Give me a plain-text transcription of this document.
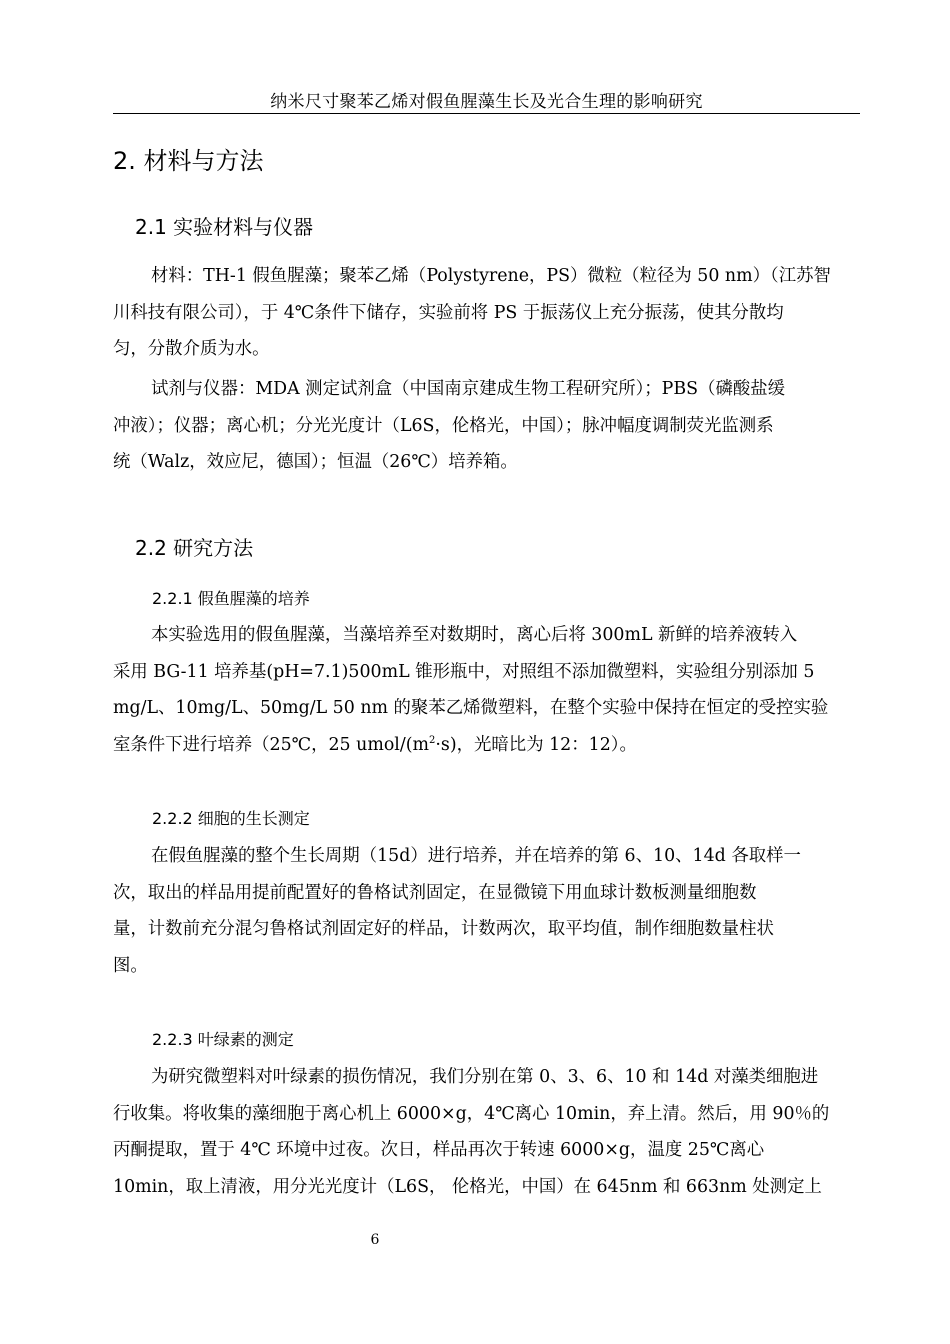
纳米尺寸聚苯乙烯对假鱼腥藻生长及光合生理的影响研究
2. 材料与方法
2.1 实验材料与仪器
材料：TH-1 假鱼腥藻；聚苯乙烯（Polystyrene，PS）微粒（粒径为 50 nm）（江苏智
川科技有限公司），于 4℃条件下储存，实验前将 PS 于振荡仪上充分振荡，使其分散均
匀，分散介质为水。
试剂与仪器：MDA 测定试剂盒（中国南京建成生物工程研究所）；PBS（磷酸盐缓
冲液）；仪器；离心机；分光光度计（L6S，伦格光，中国）；脉冲幅度调制荧光监测系
统（Walz，效应尼，德国）；恒温（26℃）培养箱。
2.2 研究方法
2.2.1 假鱼腥藻的培养
本实验选用的假鱼腥藻，当藻培养至对数期时，离心后将 300mL 新鲜的培养液转入
采用 BG-11 培养基(pH=7.1)500mL 锥形瓶中，对照组不添加微塑料，实验组分别添加 5
mg/L、10mg/L、50mg/L 50 nm 的聚苯乙烯微塑料，在整个实验中保持在恒定的受控实验
室条件下进行培养（25℃，25 umol/$(m^2\cdot s)$，光暗比为 12：12）。
2.2.2 细胞的生长测定
在假鱼腥藻的整个生长周期（15d）进行培养，并在培养的第 6、10、14d 各取样一
次，取出的样品用提前配置好的鲁格试剂固定，在显微镜下用血球计数板测量细胞数
量，计数前充分混匀鲁格试剂固定好的样品，计数两次，取平均值，制作细胞数量柱状
图。
2.2.3 叶绿素的测定
为研究微塑料对叶绿素的损伤情况，我们分别在第 0、3、6、10 和 14d 对藻类细胞进
行收集。将收集的藻细胞于离心机上 6000×g，4℃离心 10min，弃上清。然后，用 90％的
丙酮提取，置于 4℃ 环境中过夜。次日，样品再次于转速 6000×g，温度 25℃离心
10min，取上清液，用分光光度计（L6S， 伦格光，中国）在 645nm 和 663nm 处测定上
6
